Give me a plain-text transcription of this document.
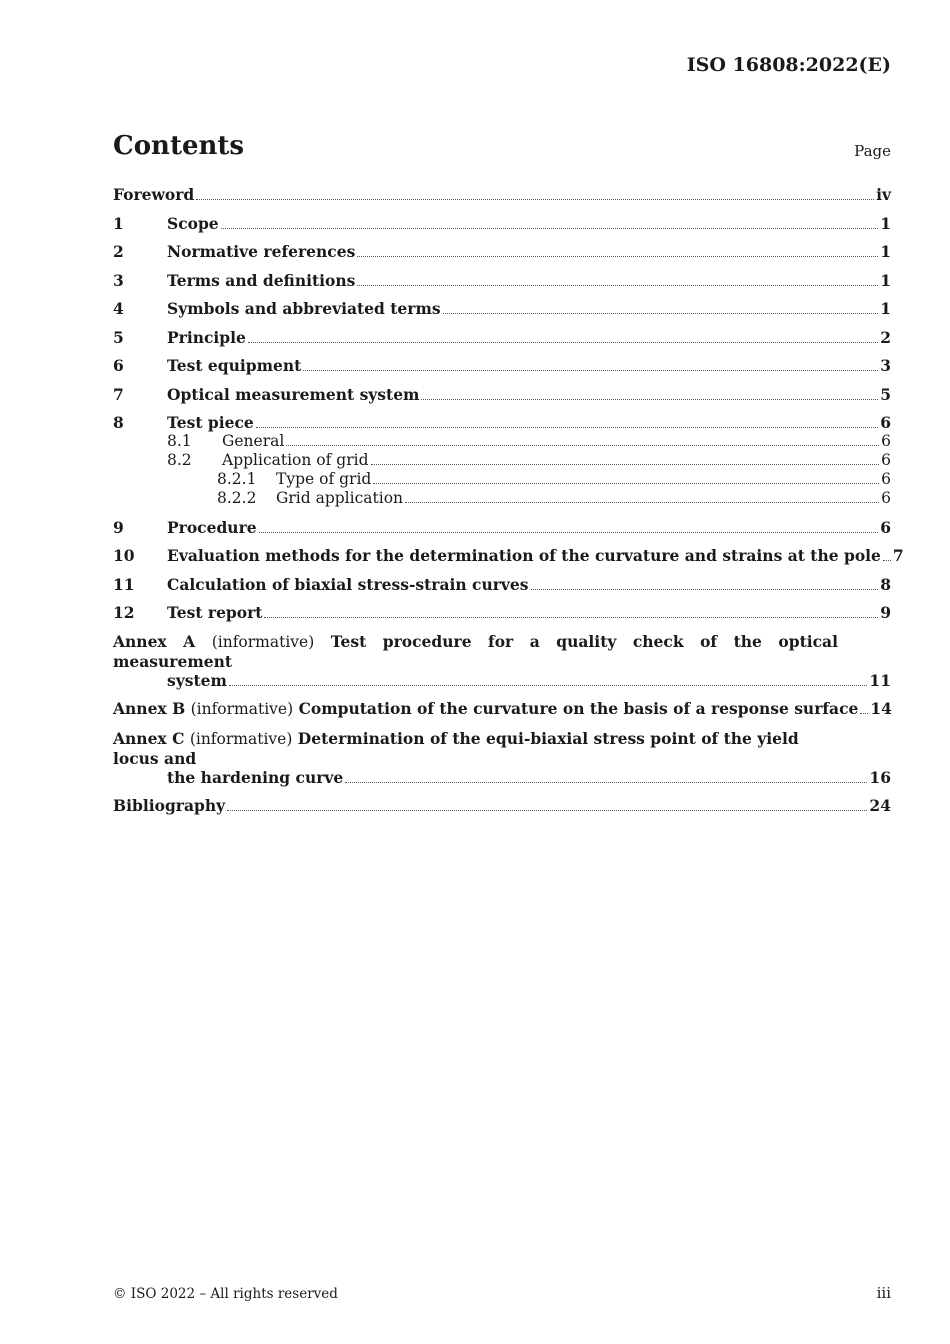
ISO 16808:2022(E)
Contents	Page
Foreword	iv
1	Scope	1
2	Normative references	1
3	Terms and definitions	1
4	Symbols and abbreviated terms	1
5	Principle	2
6	Test equipment	3
7	Optical measurement system	5
8	Test piece	6
8.1	General	6
8.2	Application of grid	6
8.2.1	Type of grid	6
8.2.2	Grid application	6
9	Procedure	6
10	Evaluation methods for the determination of the curvature and strains at the pole 7
11	Calculation of biaxial stress-strain curves	8
12	Test report	9
Annex A (informative) Test procedure for a quality check of the optical measurement
system	11
Annex B (informative) Computation of the curvature on the basis of a response surface 14
Annex C (informative) Determination of the equi-biaxial stress point of the yield locus and
the hardening curve	16
Bibliography	24
© ISO 2022 – All rights reserved	iii
